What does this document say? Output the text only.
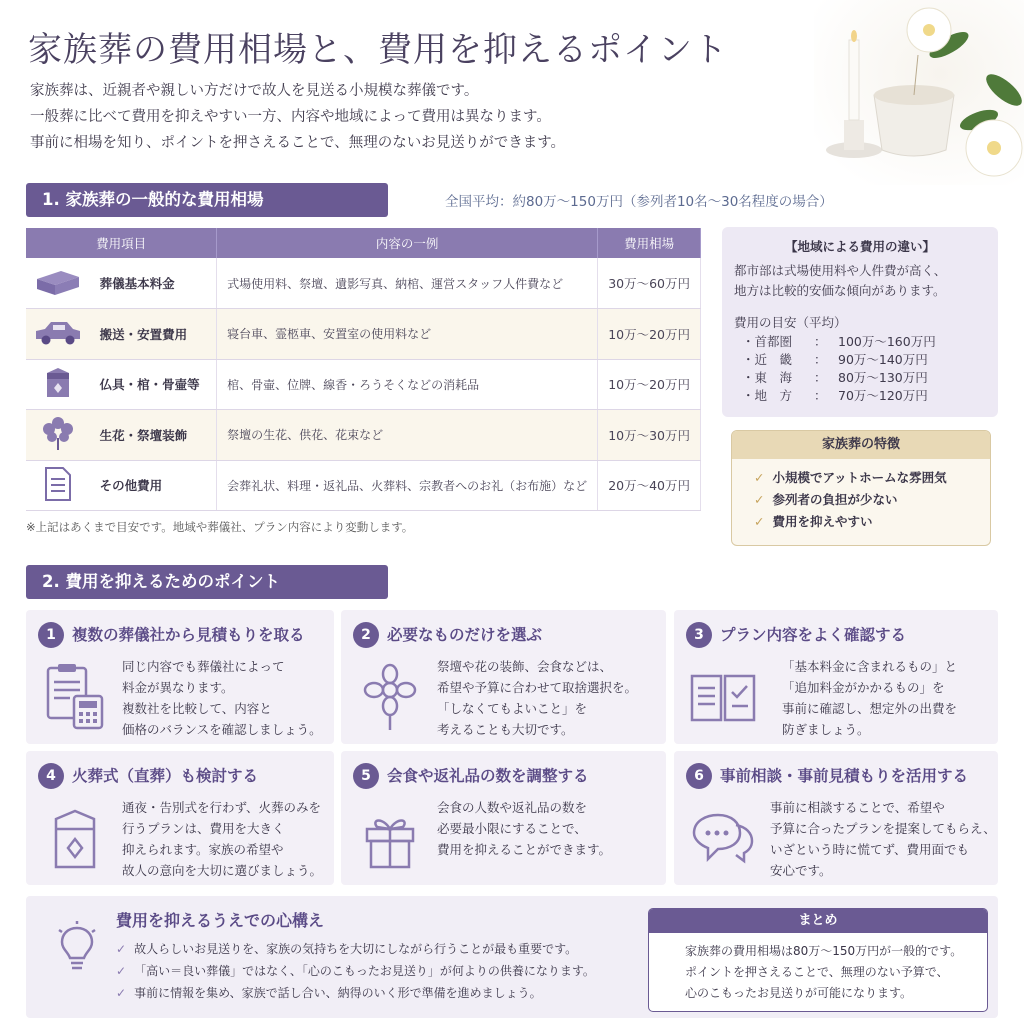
家族葬の費用相場と、費用を抑えるポイント
家族葬は、近親者や親しい方だけで故人を見送る小規模な葬儀です。
一般葬に比べて費用を抑えやすい一方、内容や地域によって費用は異なります。
事前に相場を知り、ポイントを押さえることで、無理のないお見送りができます。
1. 家族葬の一般的な費用相場	全国平均：約80万〜150万円（参列者10名〜30名程度の場合）
費用項目		内容の一例	費用相場
	葬儀基本料金	式場使用料、祭壇、遺影写真、納棺、運営スタッフ人件費など	30万〜60万円
	搬送・安置費用	寝台車、霊柩車、安置室の使用料など	10万〜20万円
	仏具・棺・骨壷等	棺、骨壷、位牌、線香・ろうそくなどの消耗品	10万〜20万円
	生花・祭壇装飾	祭壇の生花、供花、花束など	10万〜30万円
	その他費用	会葬礼状、料理・返礼品、火葬料、宗教者へのお礼（お布施）など	20万〜40万円
※上記はあくまで目安です。地域や葬儀社、プラン内容により変動します。
【地域による費用の違い】
都市部は式場使用料や人件費が高く、
地方は比較的安価な傾向があります。
費用の目安（平均）
・首都圏	： 100万〜160万円
・近　畿	： 90万〜140万円
・東　海	： 80万〜130万円
・地　方	： 70万〜120万円
家族葬の特徴
✓ 小規模でアットホームな雰囲気
✓ 参列者の負担が少ない
✓ 費用を抑えやすい
2. 費用を抑えるためのポイント
1	複数の葬儀社から見積もりを取る
同じ内容でも葬儀社によって
料金が異なります。
複数社を比較して、内容と
価格のバランスを確認しましょう。
2	必要なものだけを選ぶ
祭壇や花の装飾、会食などは、
希望や予算に合わせて取捨選択を。
「しなくてもよいこと」を
考えることも大切です。
3	プラン内容をよく確認する
「基本料金に含まれるもの」と
「追加料金がかかるもの」を
事前に確認し、想定外の出費を
防ぎましょう。
4	火葬式（直葬）も検討する
通夜・告別式を行わず、火葬のみを
行うプランは、費用を大きく
抑えられます。家族の希望や
故人の意向を大切に選びましょう。
5	会食や返礼品の数を調整する
会食の人数や返礼品の数を
必要最小限にすることで、
費用を抑えることができます。
6	事前相談・事前見積もりを活用する
事前に相談することで、希望や
予算に合ったプランを提案してもらえ、
いざという時に慌てず、費用面でも
安心です。
費用を抑えるうえでの心構え
✓ 故人らしいお見送りを、家族の気持ちを大切にしながら行うことが最も重要です。
✓ 「高い＝良い葬儀」ではなく、「心のこもったお見送り」が何よりの供養になります。
✓ 事前に情報を集め、家族で話し合い、納得のいく形で準備を進めましょう。
まとめ
家族葬の費用相場は80万〜150万円が一般的です。
ポイントを押さえることで、無理のない予算で、
心のこもったお見送りが可能になります。
